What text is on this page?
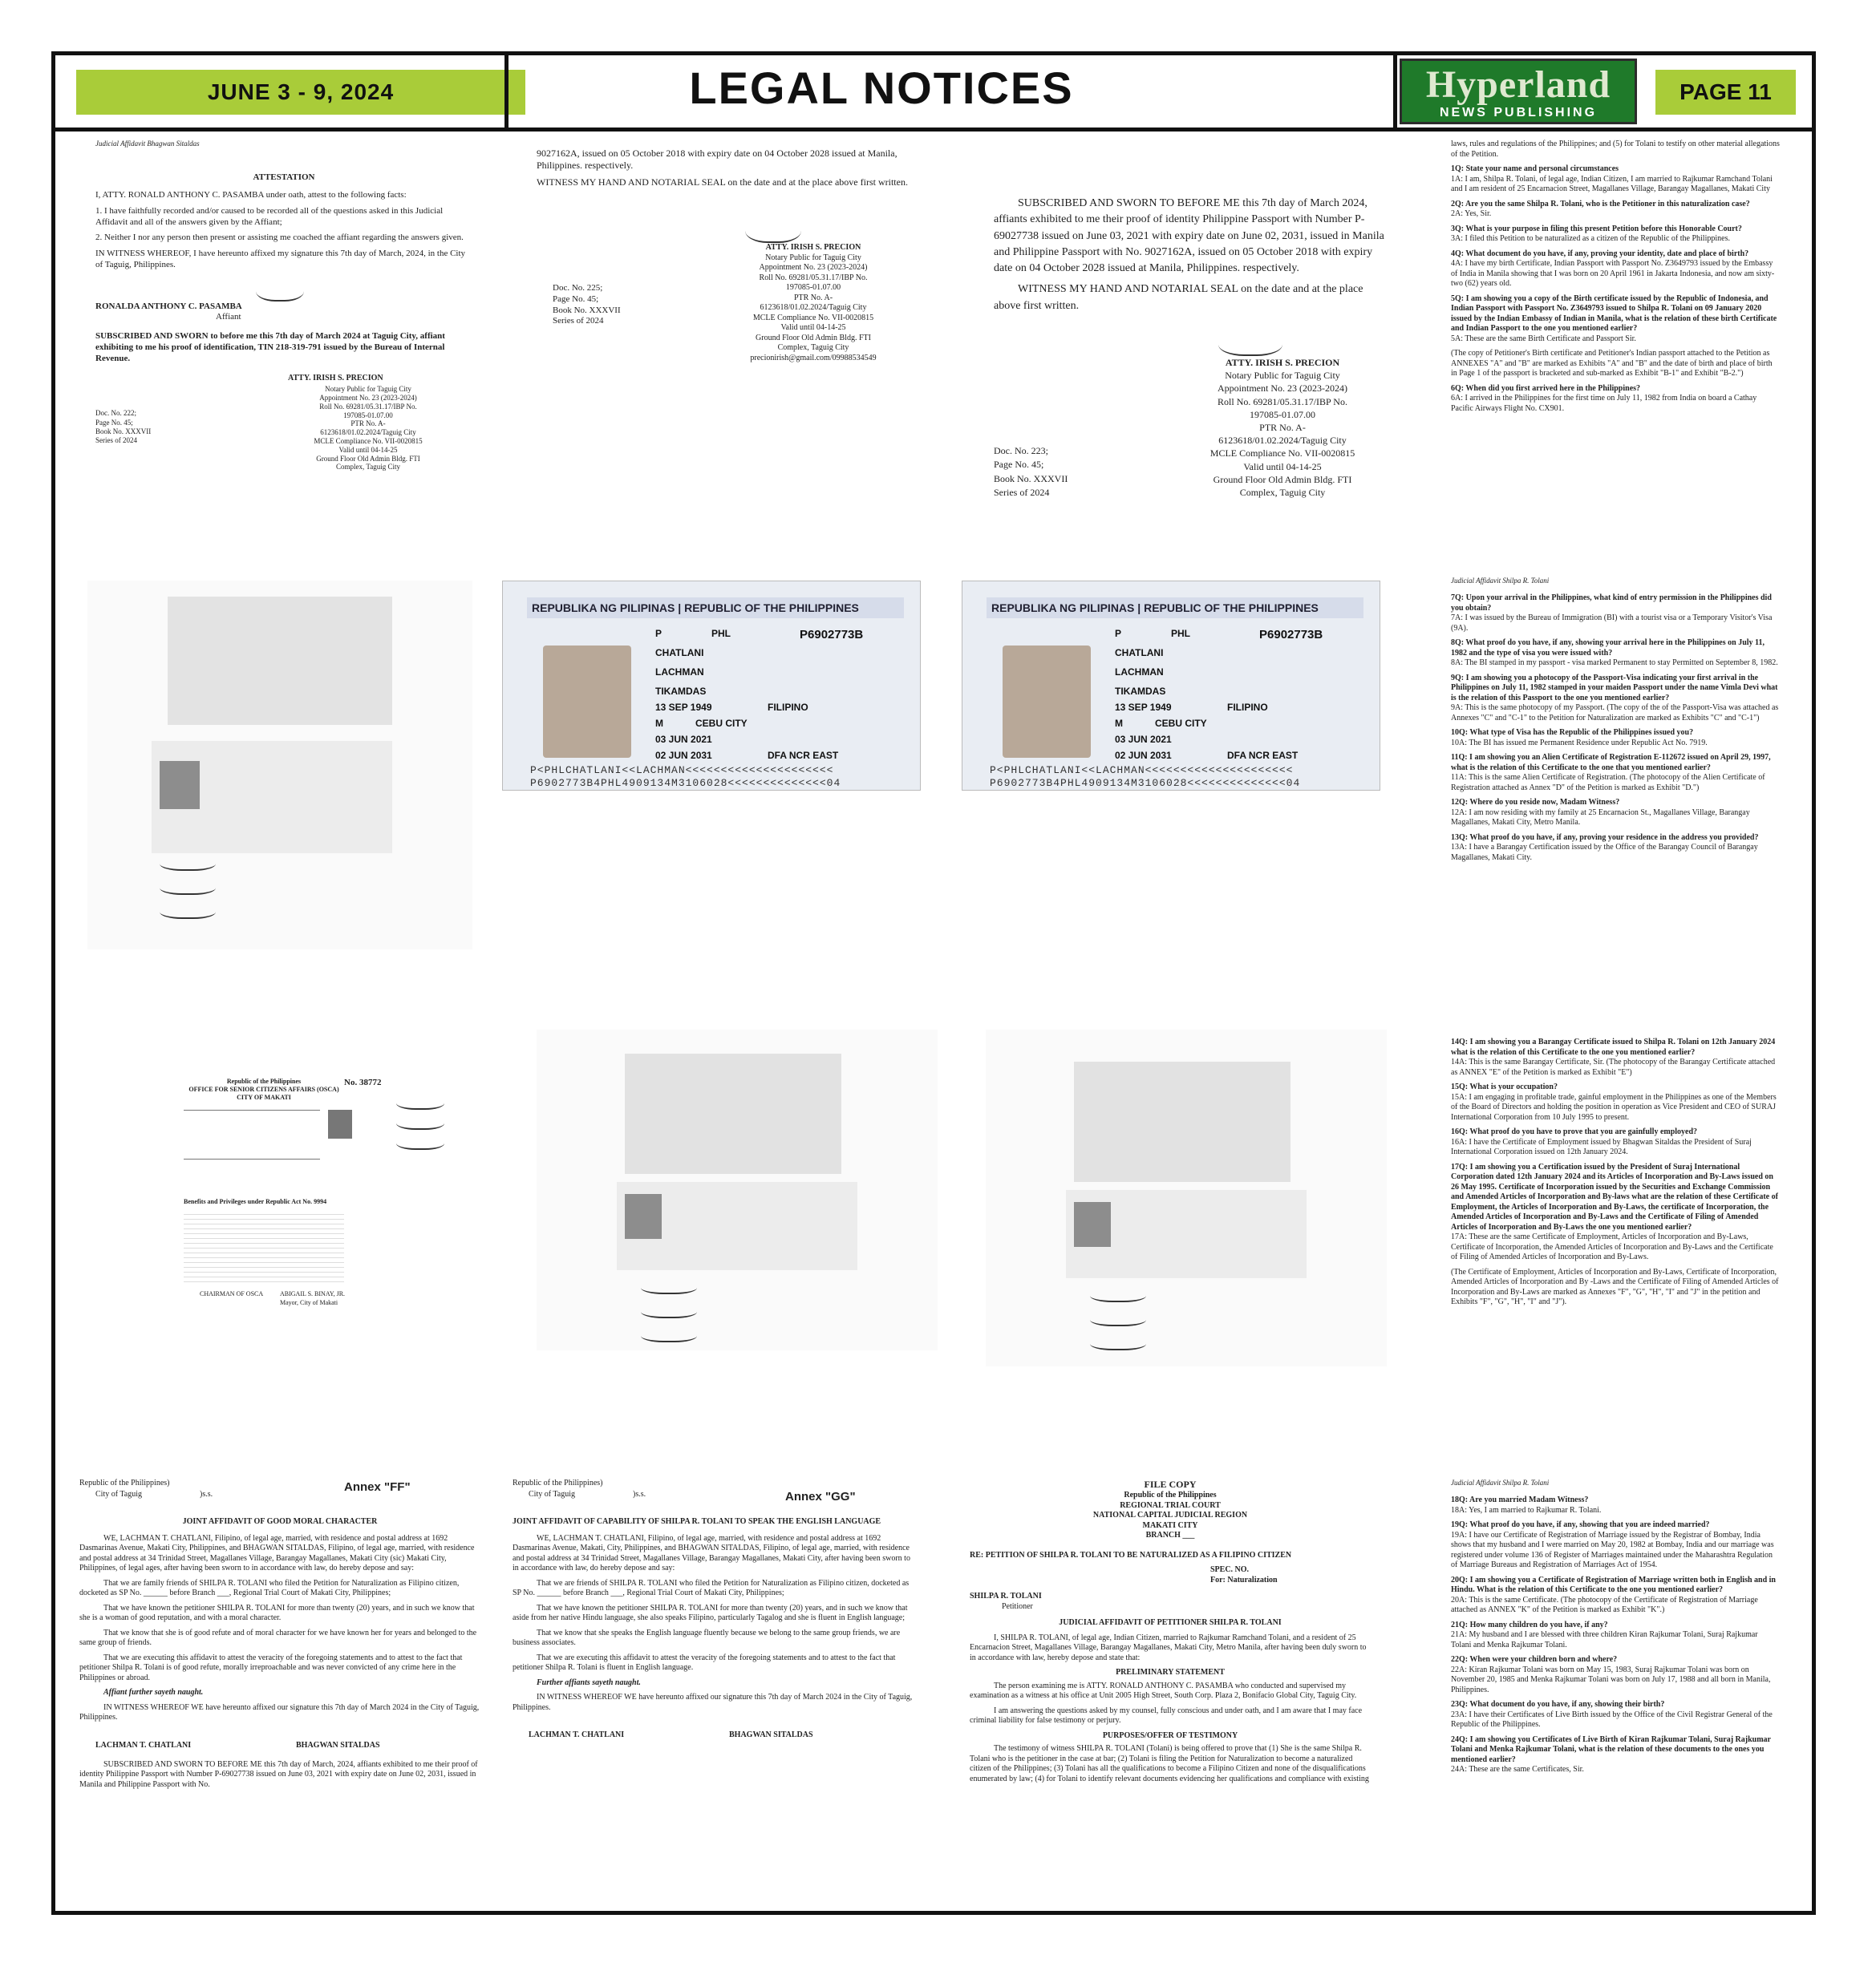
JUNE 3 - 9, 2024	LEGAL NOTICES	Hyperland
NEWS PUBLISHING
PAGE 11
Judicial Affidavit Bhagwan Sitaldas
ATTESTATION

I, ATTY. RONALD ANTHONY C. PASAMBA under oath, attest to the following facts:

1. I have faithfully recorded and/or caused to be recorded all of the questions asked in this Judicial Affidavit and all of the answers given by the Affiant;

2. Neither I nor any person then present or assisting me coached the affiant regarding the answers given.

IN WITNESS WHEREOF, I have hereunto affixed my signature this 7th day of March, 2024, in the City of Taguig, Philippines.

RONALDA ANTHONY C. PASAMBA
Affiant

SUBSCRIBED AND SWORN to before me this 7th day of March 2024 at Taguig City, affiant exhibiting to me his proof of identification, TIN 218-319-791 issued by the Bureau of Internal Revenue.

ATTY. IRISH S. PRECION
Notary Public for Taguig City
Appointment No. 23 (2023-2024)
Roll No. 69281/05.31.17/IBP No.
197085-01.07.00
PTR No. A-
6123618/01.02.2024/Taguig City
MCLE Compliance No. VII-0020815
Valid until 04-14-25
Ground Floor Old Admin Bldg. FTI
Complex, Taguig City
Doc. No. 222;
Page No. 45;
Book No. XXXVII
Series of 2024

9027162A, issued on 05 October 2018 with expiry date on 04 October 2028 issued at Manila, Philippines. respectively.

WITNESS MY HAND AND NOTARIAL SEAL on the date and at the place above first written.

Doc. No. 225;
Page No. 45;
Book No. XXXVII
Series of 2024
ATTY. IRISH S. PRECION
Notary Public for Taguig City
Appointment No. 23 (2023-2024)
Roll No. 69281/05.31.17/IBP No.
197085-01.07.00
PTR No. A-
6123618/01.02.2024/Taguig City
MCLE Compliance No. VII-0020815
Valid until 04-14-25
Ground Floor Old Admin Bldg. FTI
Complex, Taguig City
precionirish@gmail.com/09988534549

SUBSCRIBED AND SWORN TO BEFORE ME this 7th day of March 2024, affiants exhibited to me their proof of identity Philippine Passport with Number P-69027738 issued on June 03, 2021 with expiry date on June 02, 2031, issued in Manila and Philippine Passport with No. 9027162A, issued on 05 October 2018 with expiry date on 04 October 2028 issued at Manila, Philippines. respectively.

WITNESS MY HAND AND NOTARIAL SEAL on the date and at the place above first written.

ATTY. IRISH S. PRECION
Notary Public for Taguig City
Appointment No. 23 (2023-2024)
Roll No. 69281/05.31.17/IBP No.
197085-01.07.00
PTR No. A-
6123618/01.02.2024/Taguig City
MCLE Compliance No. VII-0020815
Valid until 04-14-25
Ground Floor Old Admin Bldg. FTI
Complex, Taguig City
Doc. No. 223;
Page No. 45;
Book No. XXXVII
Series of 2024

laws, rules and regulations of the Philippines; and (5) for Tolani to testify on other material allegations of the Petition.

1Q: State your name and personal circumstances

1A: I am, Shilpa R. Tolani, of legal age, Indian Citizen, I am married to Rajkumar Ramchand Tolani and I am resident of 25 Encarnacion Street, Magallanes Village, Barangay Magallanes, Makati City

2Q: Are you the same Shilpa R. Tolani, who is the Petitioner in this naturalization case?

2A: Yes, Sir.

3Q: What is your purpose in filing this present Petition before this Honorable Court?

3A: I filed this Petition to be naturalized as a citizen of the Republic of the Philippines.

4Q: What document do you have, if any, proving your identity, date and place of birth?

4A: I have my birth Certificate, Indian Passport with Passport No. Z3649793 issued by the Embassy of India in Manila showing that I was born on 20 April 1961 in Jakarta Indonesia, and now am sixty-two (62) years old.

5Q: I am showing you a copy of the Birth certificate issued by the Republic of Indonesia, and Indian Passport with Passport No. Z3649793 issued to Shilpa R. Tolani on 09 January 2020 issued by the Indian Embassy of Indian in Manila, what is the relation of these birth Certificate and Indian Passport to the one you mentioned earlier?

5A: These are the same Birth Certificate and Passport Sir.

(The copy of Petitioner's Birth certificate and Petitioner's Indian passport attached to the Petition as ANNEXES "A" and "B" are marked as Exhibits "A" and "B" and the date of birth and place of birth in Page 1 of the passport is bracketed and sub-marked as Exhibit "B-1" and Exhibit "B-2.")

6Q: When did you first arrived here in the Philippines?

6A: I arrived in the Philippines for the first time on July 11, 1982 from India on board a Cathay Pacific Airways Flight No. CX901.

REPUBLIKA NG PILIPINAS | REPUBLIC OF THE PHILIPPINES
P	PHL	P6902773B
CHATLANI
LACHMAN
TIKAMDAS
13 SEP 1949	FILIPINO
M	CEBU CITY
03 JUN 2021
02 JUN 2031	DFA NCR EAST
P<PHLCHATLANI<<LACHMAN<<<<<<<<<<<<<<<<<<<<<
P6902773B4PHL4909134M3106028<<<<<<<<<<<<<<04
REPUBLIKA NG PILIPINAS | REPUBLIC OF THE PHILIPPINES
P	PHL	P6902773B
CHATLANI
LACHMAN
TIKAMDAS
13 SEP 1949	FILIPINO
M	CEBU CITY
03 JUN 2021
02 JUN 2031	DFA NCR EAST
P<PHLCHATLANI<<LACHMAN<<<<<<<<<<<<<<<<<<<<<
P6902773B4PHL4909134M3106028<<<<<<<<<<<<<<04
Judicial Affidavit Shilpa R. Tolani

7Q: Upon your arrival in the Philippines, what kind of entry permission in the Philippines did you obtain?

7A: I was issued by the Bureau of Immigration (BI) with a tourist visa or a Temporary Visitor's Visa (9A).

8Q: What proof do you have, if any, showing your arrival here in the Philippines on July 11, 1982 and the type of visa you were issued with?

8A: The BI stamped in my passport - visa marked Permanent to stay Permitted on September 8, 1982.

9Q: I am showing you a photocopy of the Passport-Visa indicating your first arrival in the Philippines on July 11, 1982 stamped in your maiden Passport under the name Vimla Devi what is the relation of this Passport to the one you mentioned earlier?

9A: This is the same photocopy of my Passport. (The copy of the of the Passport-Visa was attached as Annexes "C" and "C-1" to the Petition for Naturalization are marked as Exhibits "C" and "C-1")

10Q: What type of Visa has the Republic of the Philippines issued you?

10A: The BI has issued me Permanent Residence under Republic Act No. 7919.

11Q: I am showing you an Alien Certificate of Registration E-112672 issued on April 29, 1997, what is the relation of this Certificate to the one that you mentioned earlier?

11A: This is the same Alien Certificate of Registration. (The photocopy of the Alien Certificate of Registration attached as Annex "D" of the Petition is marked as Exhibit "D.")

12Q: Where do you reside now, Madam Witness?

12A: I am now residing with my family at 25 Encarnacion St., Magallanes Village, Barangay Magallanes, Makati City, Metro Manila.

13Q: What proof do you have, if any, proving your residence in the address you provided?

13A: I have a Barangay Certification issued by the Office of the Barangay Council of Barangay Magallanes, Makati City.

Republic of the Philippines
OFFICE FOR SENIOR CITIZENS AFFAIRS (OSCA)
CITY OF MAKATI
No. 38772
Benefits and Privileges under Republic Act No. 9994
CHAIRMAN OF OSCA	ABIGAIL S. BINAY, JR.
Mayor, City of Makati

14Q: I am showing you a Barangay Certificate issued to Shilpa R. Tolani on 12th January 2024 what is the relation of this Certificate to the one you mentioned earlier?

14A: This is the same Barangay Certificate, Sir. (The photocopy of the Barangay Certificate attached as ANNEX "E" of the Petition is marked as Exhibit "E")

15Q: What is your occupation?

15A: I am engaging in profitable trade, gainful employment in the Philippines as one of the Members of the Board of Directors and holding the position in operation as Vice President and CEO of SURAJ International Corporation from 10 July 1995 to present.

16Q: What proof do you have to prove that you are gainfully employed?

16A: I have the Certificate of Employment issued by Bhagwan Sitaldas the President of Suraj International Corporation issued on 12th January 2024.

17Q: I am showing you a Certification issued by the President of Suraj International Corporation dated 12th January 2024 and its Articles of Incorporation and By-Laws issued on 26 May 1995. Certificate of Incorporation issued by the Securities and Exchange Commission and Amended Articles of Incorporation and By-laws what are the relation of these Certificate of Employment, the Articles of Incorporation and By-Laws, the certificate of Incorporation, the Amended Articles of Incorporation and By-Laws and the Certificate of Filing of Amended Articles of Incorporation and By-Laws the one you mentioned earlier?

17A: These are the same Certificate of Employment, Articles of Incorporation and By-Laws, Certificate of Incorporation, the Amended Articles of Incorporation and By-Laws and the Certificate of Filing of Amended Articles of Incorporation and By-Laws.

(The Certificate of Employment, Articles of Incorporation and By-Laws, Certificate of Incorporation, Amended Articles of Incorporation and By -Laws and the Certificate of Filing of Amended Articles of Incorporation and By-Laws are marked as Annexes "F", "G", "H", "I" and "J" in the petition and Exhibits "F", "G", "H", "I" and "J").

Republic of the Philippines)
City of Taguig	)s.s.
Annex "FF"
JOINT AFFIDAVIT OF GOOD MORAL CHARACTER

WE, LACHMAN T. CHATLANI, Filipino, of legal age, married, with residence and postal address at 1692 Dasmarinas Avenue, Makati City, Philippines, and BHAGWAN SITALDAS, Filipino, of legal age, married, with residence and postal address at 34 Trinidad Street, Magallanes Village, Barangay Magallanes, Makati City (sic) Makati City, Philippines, of legal ages, after having been sworn to in accordance with law, do hereby depose and say:

That we are family friends of SHILPA R. TOLANI who filed the Petition for Naturalization as Filipino citizen, docketed as SP No. ______ before Branch ___, Regional Trial Court of Makati City, Philippines;

That we have known the petitioner SHILPA R. TOLANI for more than twenty (20) years, and in such we know that she is a woman of good reputation, and with a moral character.

That we know that she is of good refute and of moral character for we have known her for years and belonged to the same group of friends.

That we are executing this affidavit to attest the veracity of the foregoing statements and to attest to the fact that petitioner Shilpa R. Tolani is of good refute, morally irreproachable and was never convicted of any crime here in the Philippines or abroad.

Affiant further sayeth naught.

IN WITNESS WHEREOF WE have hereunto affixed our signature this 7th day of March 2024 in the City of Taguig, Philippines.

LACHMAN T. CHATLANI	BHAGWAN SITALDAS

SUBSCRIBED AND SWORN TO BEFORE ME this 7th day of March, 2024, affiants exhibited to me their proof of identity Philippine Passport with Number P-69027738 issued on June 03, 2021 with expiry date on June 02, 2031, issued in Manila and Philippine Passport with No.

Republic of the Philippines)
City of Taguig	)s.s.	Annex "GG"
JOINT AFFIDAVIT OF CAPABILITY OF SHILPA R. TOLANI TO SPEAK THE ENGLISH LANGUAGE

WE, LACHMAN T. CHATLANI, Filipino, of legal age, married, with residence and postal address at 1692 Dasmarinas Avenue, Makati, City, Philippines, and BHAGWAN SITALDAS, Filipino, of legal age, married, with residence and postal address at 34 Trinidad Street, Magallanes Village, Barangay Magallanes, Makati City, after having been sworn to in accordance with law, do hereby depose and say:

That we are friends of SHILPA R. TOLANI who filed the Petition for Naturalization as Filipino citizen, docketed as SP No. ______ before Branch ___, Regional Trial Court of Makati City, Philippines;

That we have known the petitioner SHILPA R. TOLANI for more than twenty (20) years, and in such we know that aside from her native Hindu language, she also speaks Filipino, particularly Tagalog and she is fluent in English language;

That we know that she speaks the English language fluently because we belong to the same group friends, we are business associates.

That we are executing this affidavit to attest the veracity of the foregoing statements and to attest to the fact that petitioner Shilpa R. Tolani is fluent in English language.

Further affiants sayeth naught.

IN WITNESS WHEREOF WE have hereunto affixed our signature this 7th day of March 2024 in the City of Taguig, Philippines.

LACHMAN T. CHATLANI	BHAGWAN SITALDAS
FILE COPY
Republic of the Philippines
REGIONAL TRIAL COURT
NATIONAL CAPITAL JUDICIAL REGION
MAKATI CITY
BRANCH ___

RE: PETITION OF SHILPA R. TOLANI TO BE NATURALIZED AS A FILIPINO CITIZEN

SPEC. NO.
For: Naturalization
SHILPA R. TOLANI
Petitioner
JUDICIAL AFFIDAVIT OF PETITIONER SHILPA R. TOLANI

I, SHILPA R. TOLANI, of legal age, Indian Citizen, married to Rajkumar Ramchand Tolani, and a resident of 25 Encarnacion Street, Magallanes Village, Barangay Magallanes, Makati City, Metro Manila, after having been duly sworn to in accordance with law, hereby depose and state that:

PRELIMINARY STATEMENT

The person examining me is ATTY. RONALD ANTHONY C. PASAMBA who conducted and supervised my examination as a witness at his office at Unit 2005 High Street, South Corp. Plaza 2, Bonifacio Global City, Taguig City.

I am answering the questions asked by my counsel, fully conscious and under oath, and I am aware that I may face criminal liability for false testimony or perjury.

PURPOSES/OFFER OF TESTIMONY

The testimony of witness SHILPA R. TOLANI (Tolani) is being offered to prove that (1) She is the same Shilpa R. Tolani who is the petitioner in the case at bar; (2) Tolani is filing the Petition for Naturalization to become a naturalized citizen of the Philippines; (3) Tolani has all the qualifications to become a Filipino Citizen and none of the disqualifications enumerated by law; (4) for Tolani to identify relevant documents evidencing her qualifications and compliance with existing

Judicial Affidavit Shilpa R. Tolani

18Q: Are you married Madam Witness?

18A: Yes, I am married to Rajkumar R. Tolani.

19Q: What proof do you have, if any, showing that you are indeed married?

19A: I have our Certificate of Registration of Marriage issued by the Registrar of Bombay, India shows that my husband and I were married on May 20, 1982 at Bombay, India and our marriage was registered under volume 136 of Register of Marriages maintained under the Maharashtra Regulation of Marriage Bureaus and Registration of Marriages Act of 1954.

20Q: I am showing you a Certificate of Registration of Marriage written both in English and in Hindu. What is the relation of this Certificate to the one you mentioned earlier?

20A: This is the same Certificate. (The photocopy of the Certificate of Registration of Marriage attached as ANNEX "K" of the Petition is marked as Exhibit "K".)

21Q: How many children do you have, if any?

21A: My husband and I are blessed with three children Kiran Rajkumar Tolani, Suraj Rajkumar Tolani and Menka Rajkumar Tolani.

22Q: When were your children born and where?

22A: Kiran Rajkumar Tolani was born on May 15, 1983, Suraj Rajkumar Tolani was born on November 20, 1985 and Menka Rajkumar Tolani was born on July 17, 1988 and all born in Manila, Philippines.

23Q: What document do you have, if any, showing their birth?

23A: I have their Certificates of Live Birth issued by the Office of the Civil Registrar General of the Republic of the Philippines.

24Q: I am showing you Certificates of Live Birth of Kiran Rajkumar Tolani, Suraj Rajkumar Tolani and Menka Rajkumar Tolani, what is the relation of these documents to the ones you mentioned earlier?

24A: These are the same Certificates, Sir.
